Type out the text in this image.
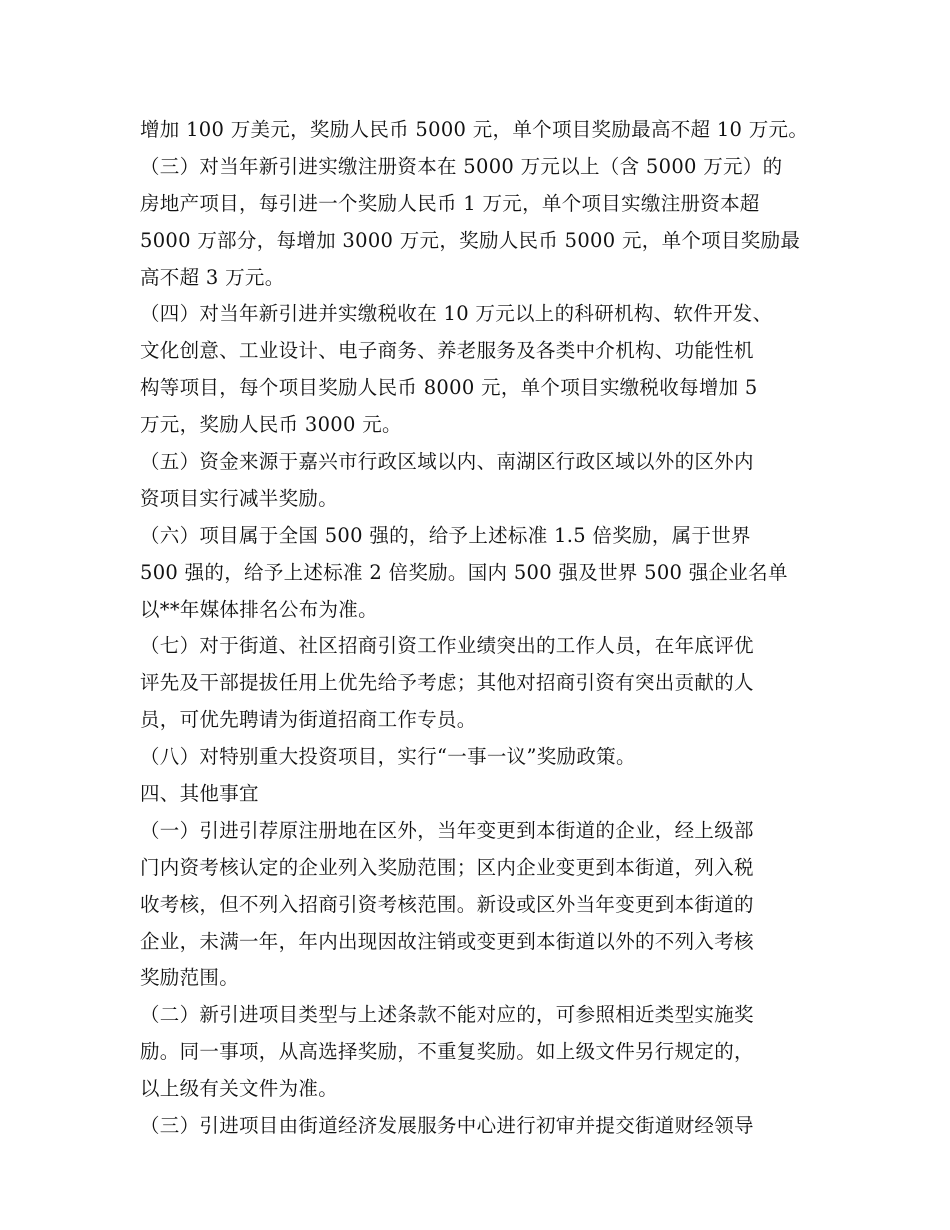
增加 100 万美元，奖励人民币 5000 元，单个项目奖励最高不超 10 万元。
（三）对当年新引进实缴注册资本在 5000 万元以上（含 5000 万元）的
房地产项目，每引进一个奖励人民币 1 万元，单个项目实缴注册资本超
5000 万部分，每增加 3000 万元，奖励人民币 5000 元，单个项目奖励最
高不超 3 万元。
（四）对当年新引进并实缴税收在 10 万元以上的科研机构、软件开发、
文化创意、工业设计、电子商务、养老服务及各类中介机构、功能性机
构等项目，每个项目奖励人民币 8000 元，单个项目实缴税收每增加 5
万元，奖励人民币 3000 元。
（五）资金来源于嘉兴市行政区域以内、南湖区行政区域以外的区外内
资项目实行减半奖励。
（六）项目属于全国 500 强的，给予上述标准 1.5 倍奖励，属于世界
500 强的，给予上述标准 2 倍奖励。国内 500 强及世界 500 强企业名单
以**年媒体排名公布为准。
（七）对于街道、社区招商引资工作业绩突出的工作人员，在年底评优
评先及干部提拔任用上优先给予考虑；其他对招商引资有突出贡献的人
员，可优先聘请为街道招商工作专员。
（八）对特别重大投资项目，实行“一事一议”奖励政策。
四、其他事宜
（一）引进引荐原注册地在区外，当年变更到本街道的企业，经上级部
门内资考核认定的企业列入奖励范围；区内企业变更到本街道，列入税
收考核，但不列入招商引资考核范围。新设或区外当年变更到本街道的
企业，未满一年，年内出现因故注销或变更到本街道以外的不列入考核
奖励范围。
（二）新引进项目类型与上述条款不能对应的，可参照相近类型实施奖
励。同一事项，从高选择奖励，不重复奖励。如上级文件另行规定的，
以上级有关文件为准。
（三）引进项目由街道经济发展服务中心进行初审并提交街道财经领导
